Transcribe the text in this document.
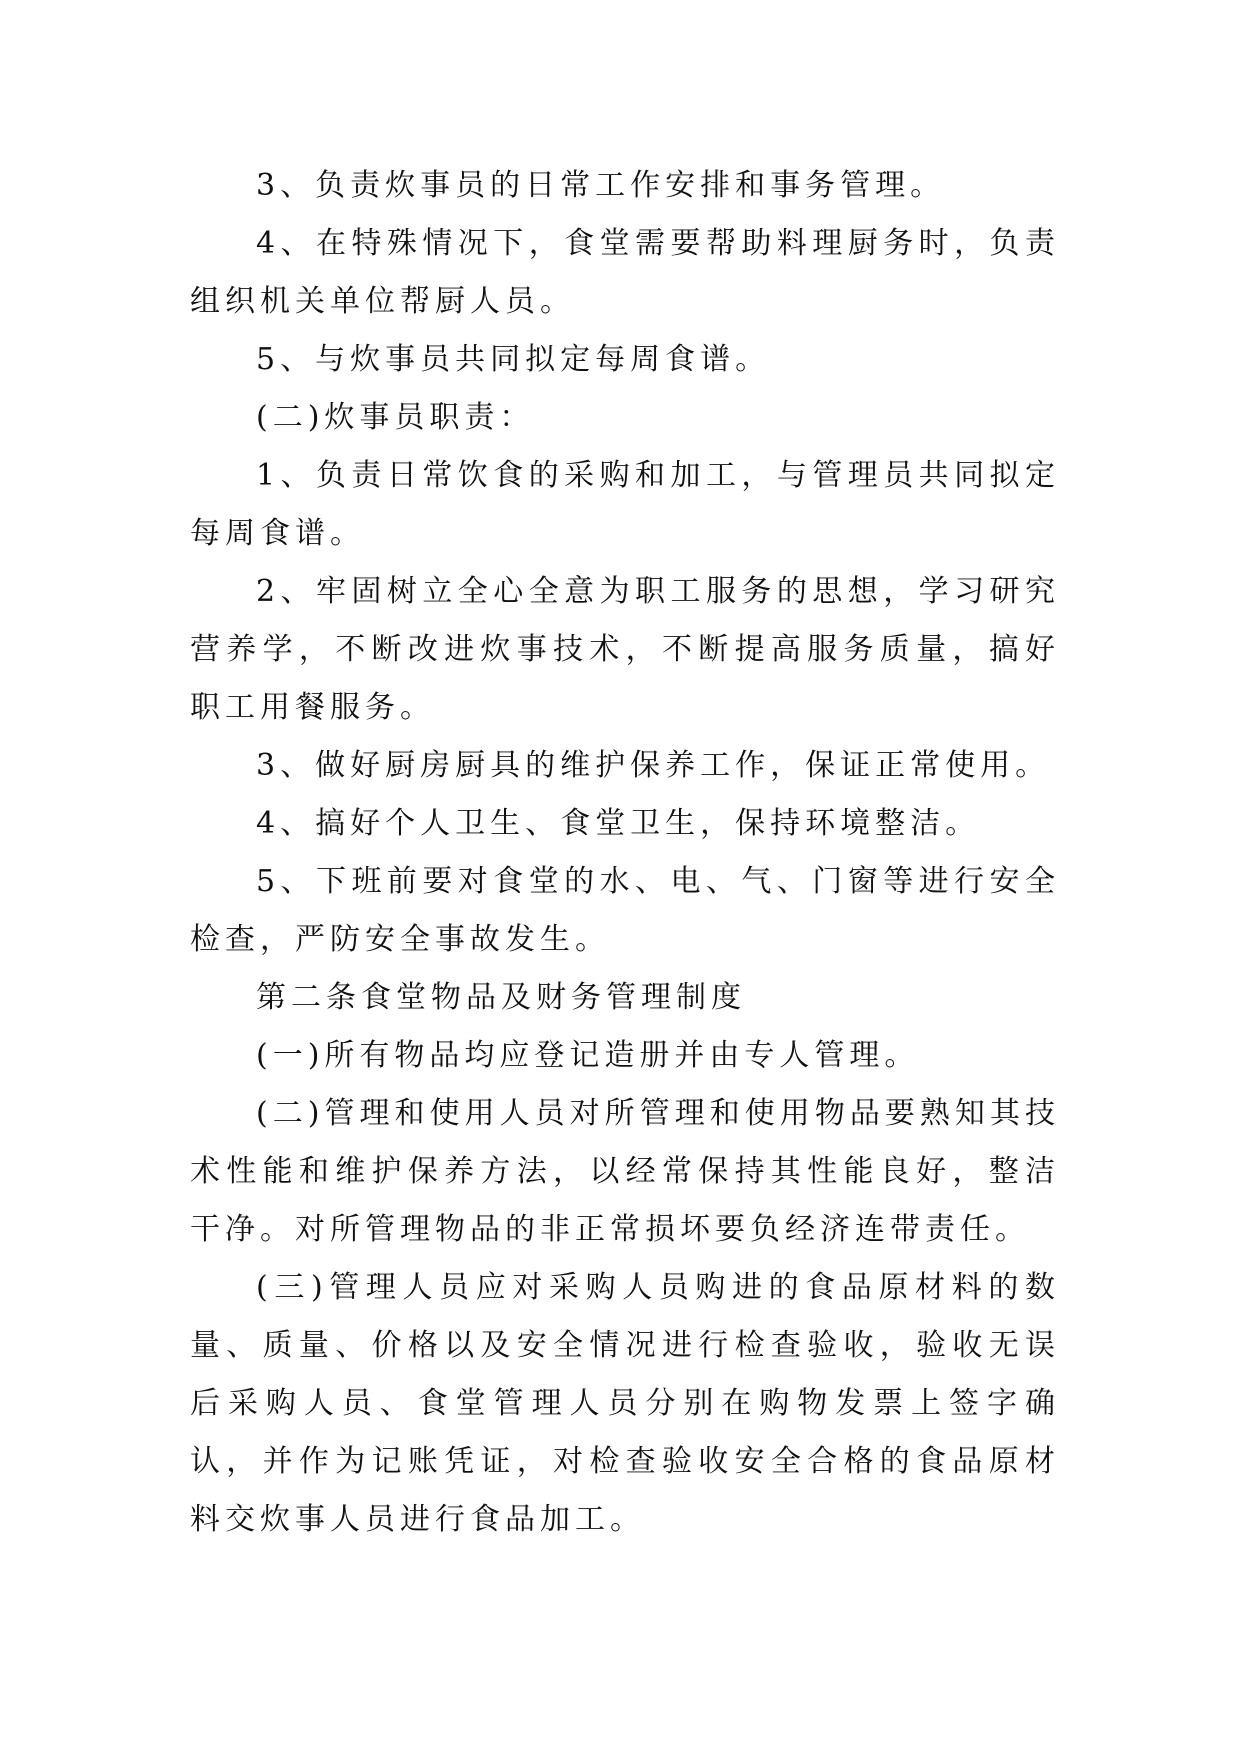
3、负责炊事员的日常工作安排和事务管理。

4、在特殊情况下，食堂需要帮助料理厨务时，负责组织机关单位帮厨人员。

5、与炊事员共同拟定每周食谱。

(二)炊事员职责：

1、负责日常饮食的采购和加工，与管理员共同拟定每周食谱。

2、牢固树立全心全意为职工服务的思想，学习研究营养学，不断改进炊事技术，不断提高服务质量，搞好职工用餐服务。

3、做好厨房厨具的维护保养工作，保证正常使用。

4、搞好个人卫生、食堂卫生，保持环境整洁。

5、下班前要对食堂的水、电、气、门窗等进行安全检查，严防安全事故发生。

第二条食堂物品及财务管理制度

(一)所有物品均应登记造册并由专人管理。

(二)管理和使用人员对所管理和使用物品要熟知其技术性能和维护保养方法，以经常保持其性能良好，整洁干净。对所管理物品的非正常损坏要负经济连带责任。

(三)管理人员应对采购人员购进的食品原材料的数量、质量、价格以及安全情况进行检查验收，验收无误后采购人员、食堂管理人员分别在购物发票上签字确认，并作为记账凭证，对检查验收安全合格的食品原材料交炊事人员进行食品加工。
